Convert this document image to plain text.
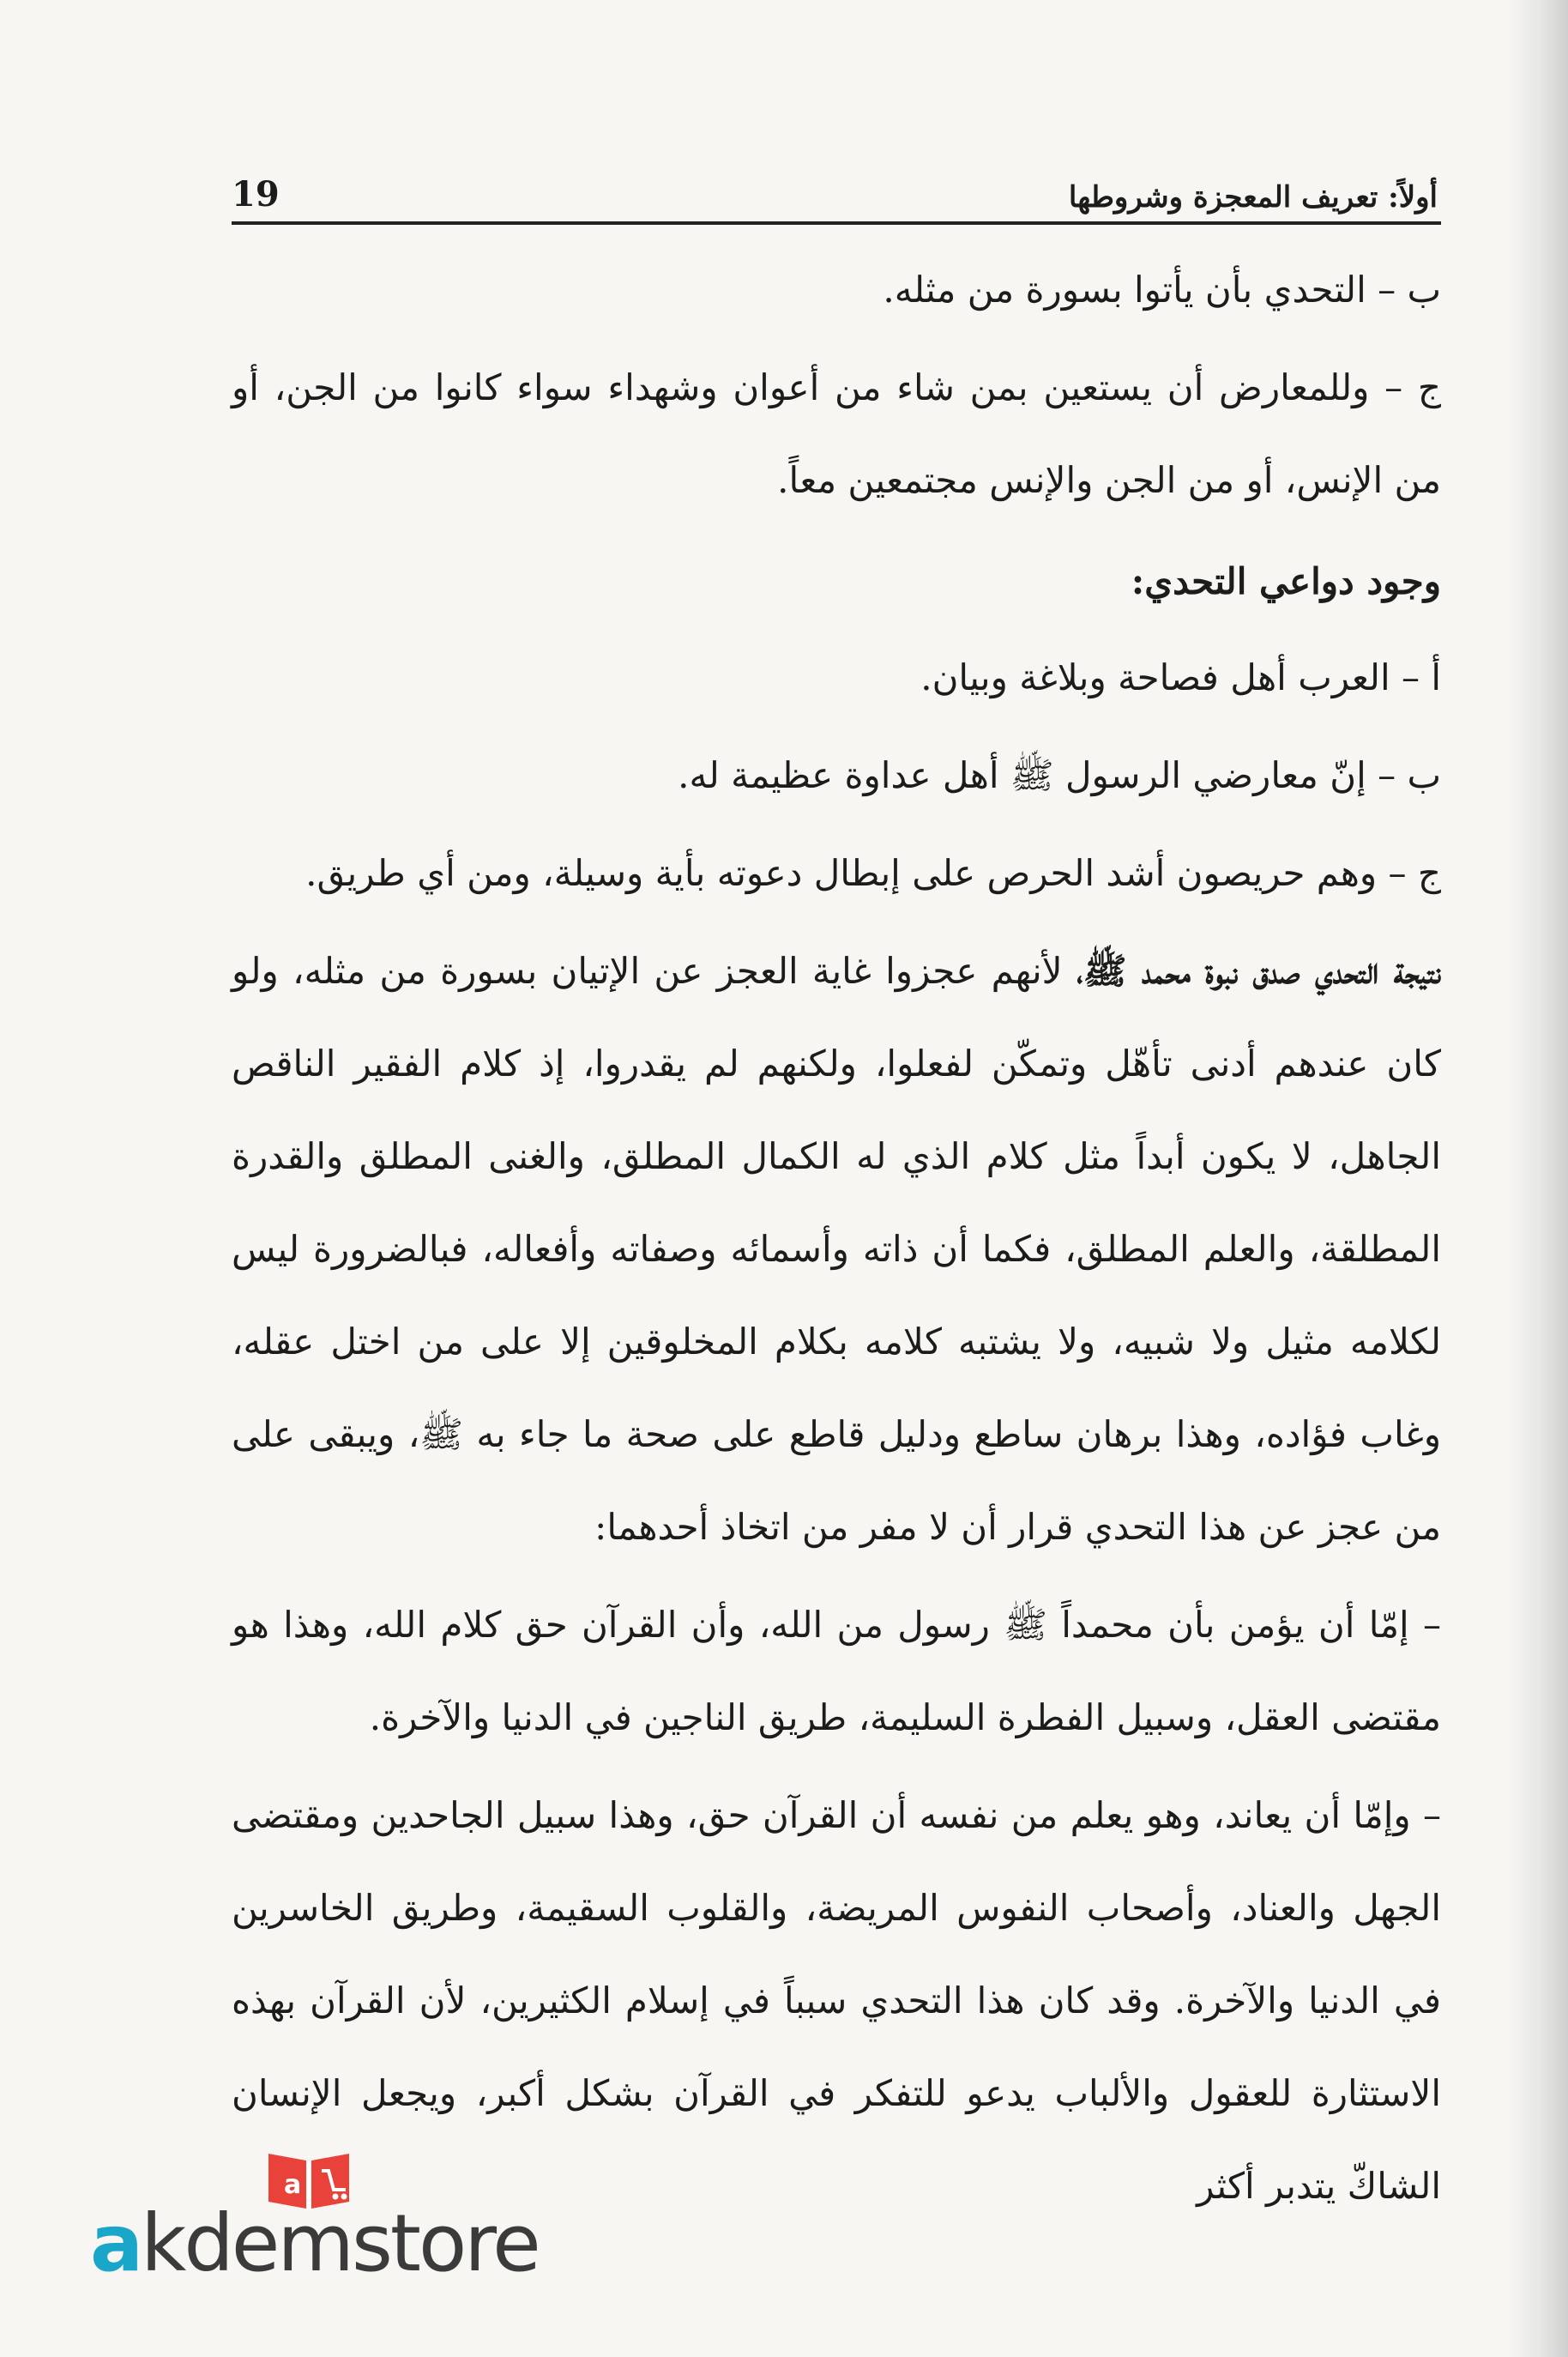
أولاً: تعريف المعجزة وشروطها
19

ب – التحدي بأن يأتوا بسورة من مثله.

ج – وللمعارض أن يستعين بمن شاء من أعوان وشهداء سواء كانوا من الجن، أو من الإنس، أو من الجن والإنس مجتمعين معاً.

وجود دواعي التحدي:

أ – العرب أهل فصاحة وبلاغة وبيان.

ب – إنّ معارضي الرسول ﷺ أهل عداوة عظيمة له.

ج – وهم حريصون أشد الحرص على إبطال دعوته بأية وسيلة، ومن أي طريق.

نتيجة التحدي صدق نبوة محمد ﷺ، لأنهم عجزوا غاية العجز عن الإتيان بسورة من مثله، ولو كان عندهم أدنى تأهّل وتمكّن لفعلوا، ولكنهم لم يقدروا، إذ كلام الفقير الناقص الجاهل، لا يكون أبداً مثل كلام الذي له الكمال المطلق، والغنى المطلق والقدرة المطلقة، والعلم المطلق، فكما أن ذاته وأسمائه وصفاته وأفعاله، فبالضرورة ليس لكلامه مثيل ولا شبيه، ولا يشتبه كلامه بكلام المخلوقين إلا على من اختل عقله، وغاب فؤاده، وهذا برهان ساطع ودليل قاطع على صحة ما جاء به ﷺ، ويبقى على من عجز عن هذا التحدي قرار أن لا مفر من اتخاذ أحدهما:

– إمّا أن يؤمن بأن محمداً ﷺ رسول من الله، وأن القرآن حق كلام الله، وهذا هو مقتضى العقل، وسبيل الفطرة السليمة، طريق الناجين في الدنيا والآخرة.

– وإمّا أن يعاند، وهو يعلم من نفسه أن القرآن حق، وهذا سبيل الجاحدين ومقتضى الجهل والعناد، وأصحاب النفوس المريضة، والقلوب السقيمة، وطريق الخاسرين في الدنيا والآخرة. وقد كان هذا التحدي سبباً في إسلام الكثيرين، لأن القرآن بهذه الاستثارة للعقول والألباب يدعو للتفكر في القرآن بشكل أكبر، ويجعل الإنسان الشاكّ يتدبر أكثر

a
akdemstore
